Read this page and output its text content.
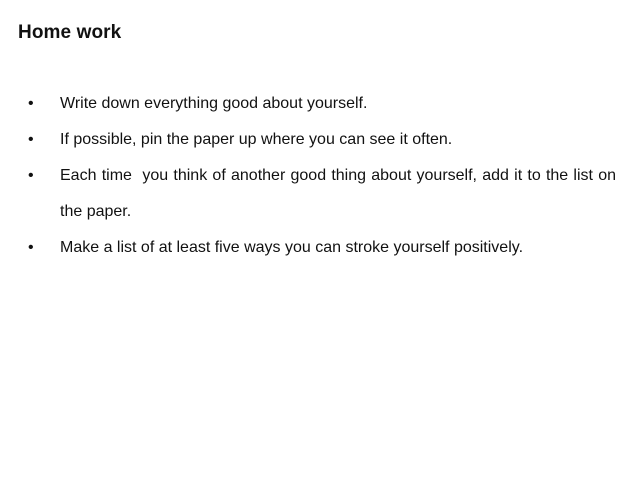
Home work
•	Write down everything good about yourself.
•	If possible, pin the paper up where you can see it often.
•	Each time  you think of another good thing about yourself, add it to the list on the paper.
•	Make a list of at least five ways you can stroke yourself positively.
